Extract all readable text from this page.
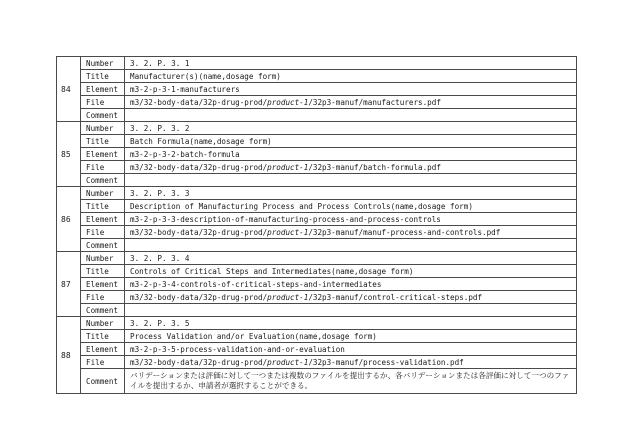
84	Number	3. 2. P. 3. 1
	Title	Manufacturer(s)(name,dosage form)
	Element	m3-2-p-3-1-manufacturers
	File	m3/32-body-data/32p-drug-prod/product-1/32p3-manuf/manufacturers.pdf
	Comment	
85	Number	3. 2. P. 3. 2
	Title	Batch Formula(name,dosage form)
	Element	m3-2-p-3-2-batch-formula
	File	m3/32-body-data/32p-drug-prod/product-1/32p3-manuf/batch-formula.pdf
	Comment	
86	Number	3. 2. P. 3. 3
	Title	Description of Manufacturing Process and Process Controls(name,dosage form)
	Element	m3-2-p-3-3-description-of-manufacturing-process-and-process-controls
	File	m3/32-body-data/32p-drug-prod/product-1/32p3-manuf/manuf-process-and-controls.pdf
	Comment	
87	Number	3. 2. P. 3. 4
	Title	Controls of Critical Steps and Intermediates(name,dosage form)
	Element	m3-2-p-3-4-controls-of-critical-steps-and-intermediates
	File	m3/32-body-data/32p-drug-prod/product-1/32p3-manuf/control-critical-steps.pdf
	Comment	
88	Number	3. 2. P. 3. 5
	Title	Process Validation and/or Evaluation(name,dosage form)
	Element	m3-2-p-3-5-process-validation-and-or-evaluation
	File	m3/32-body-data/32p-drug-prod/product-1/32p3-manuf/process-validation.pdf
	Comment	バリデーションまたは評価に対して一つまたは複数のファイルを提出するか、各バリデーションまたは各評価に対して一つのファイルを提出するか、申請者が選択することができる。
